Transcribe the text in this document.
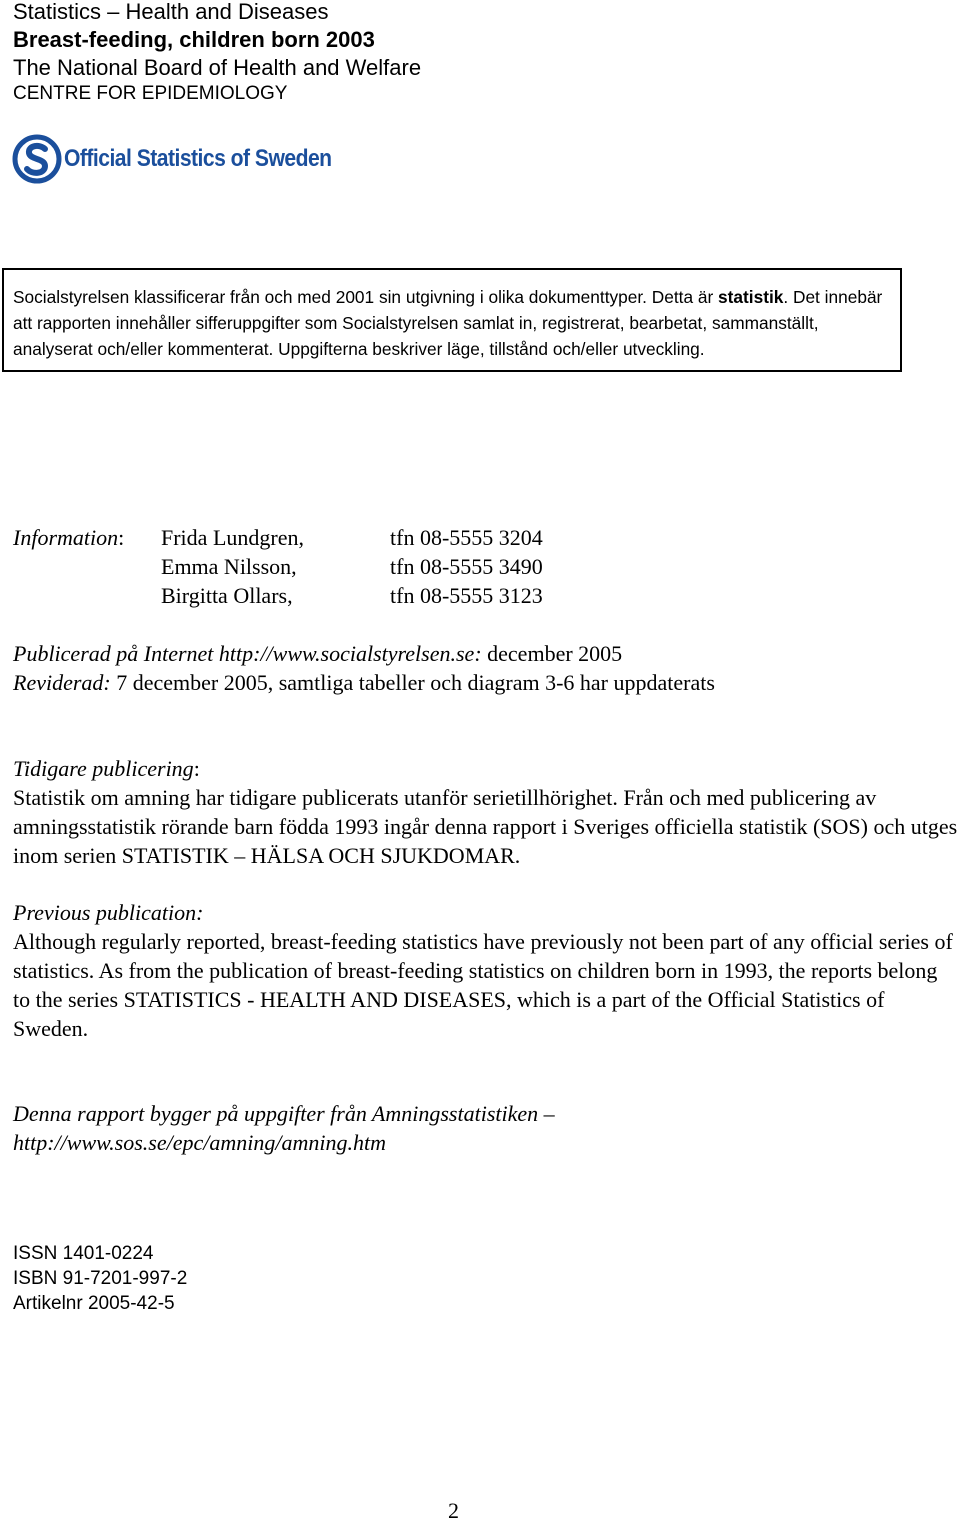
Statistics – Health and Diseases
Breast-feeding, children born 2003
The National Board of Health and Welfare
CENTRE FOR EPIDEMIOLOGY
Official Statistics of Sweden
Socialstyrelsen klassificerar från och med 2001 sin utgivning i olika dokumenttyper. Detta är statistik. Det innebär att rapporten innehåller sifferuppgifter som Socialstyrelsen samlat in, registrerat, bearbetat, sammanställt, analyserat och/eller kommenterat. Uppgifterna beskriver läge, tillstånd och/eller utveckling.
Information: Frida Lundgren,	tfn 08-5555 3204
Emma Nilsson,	tfn 08-5555 3490
Birgitta Ollars,	tfn 08-5555 3123
Publicerad på Internet http://www.socialstyrelsen.se: december 2005
Reviderad: 7 december 2005, samtliga tabeller och diagram 3-6 har uppdaterats
Tidigare publicering:
Statistik om amning har tidigare publicerats utanför serietillhörighet. Från och med publicering av amningsstatistik rörande barn födda 1993 ingår denna rapport i Sveriges officiella statistik (SOS) och utges inom serien STATISTIK – HÄLSA OCH SJUKDOMAR.
Previous publication:
Although regularly reported, breast-feeding statistics have previously not been part of any official series of statistics. As from the publication of breast-feeding statistics on children born in 1993, the reports belong to the series STATISTICS - HEALTH AND DISEASES, which is a part of the Official Statistics of Sweden.
Denna rapport bygger på uppgifter från Amningsstatistiken –
http://www.sos.se/epc/amning/amning.htm
ISSN 1401-0224
ISBN 91-7201-997-2
Artikelnr 2005-42-5
2
